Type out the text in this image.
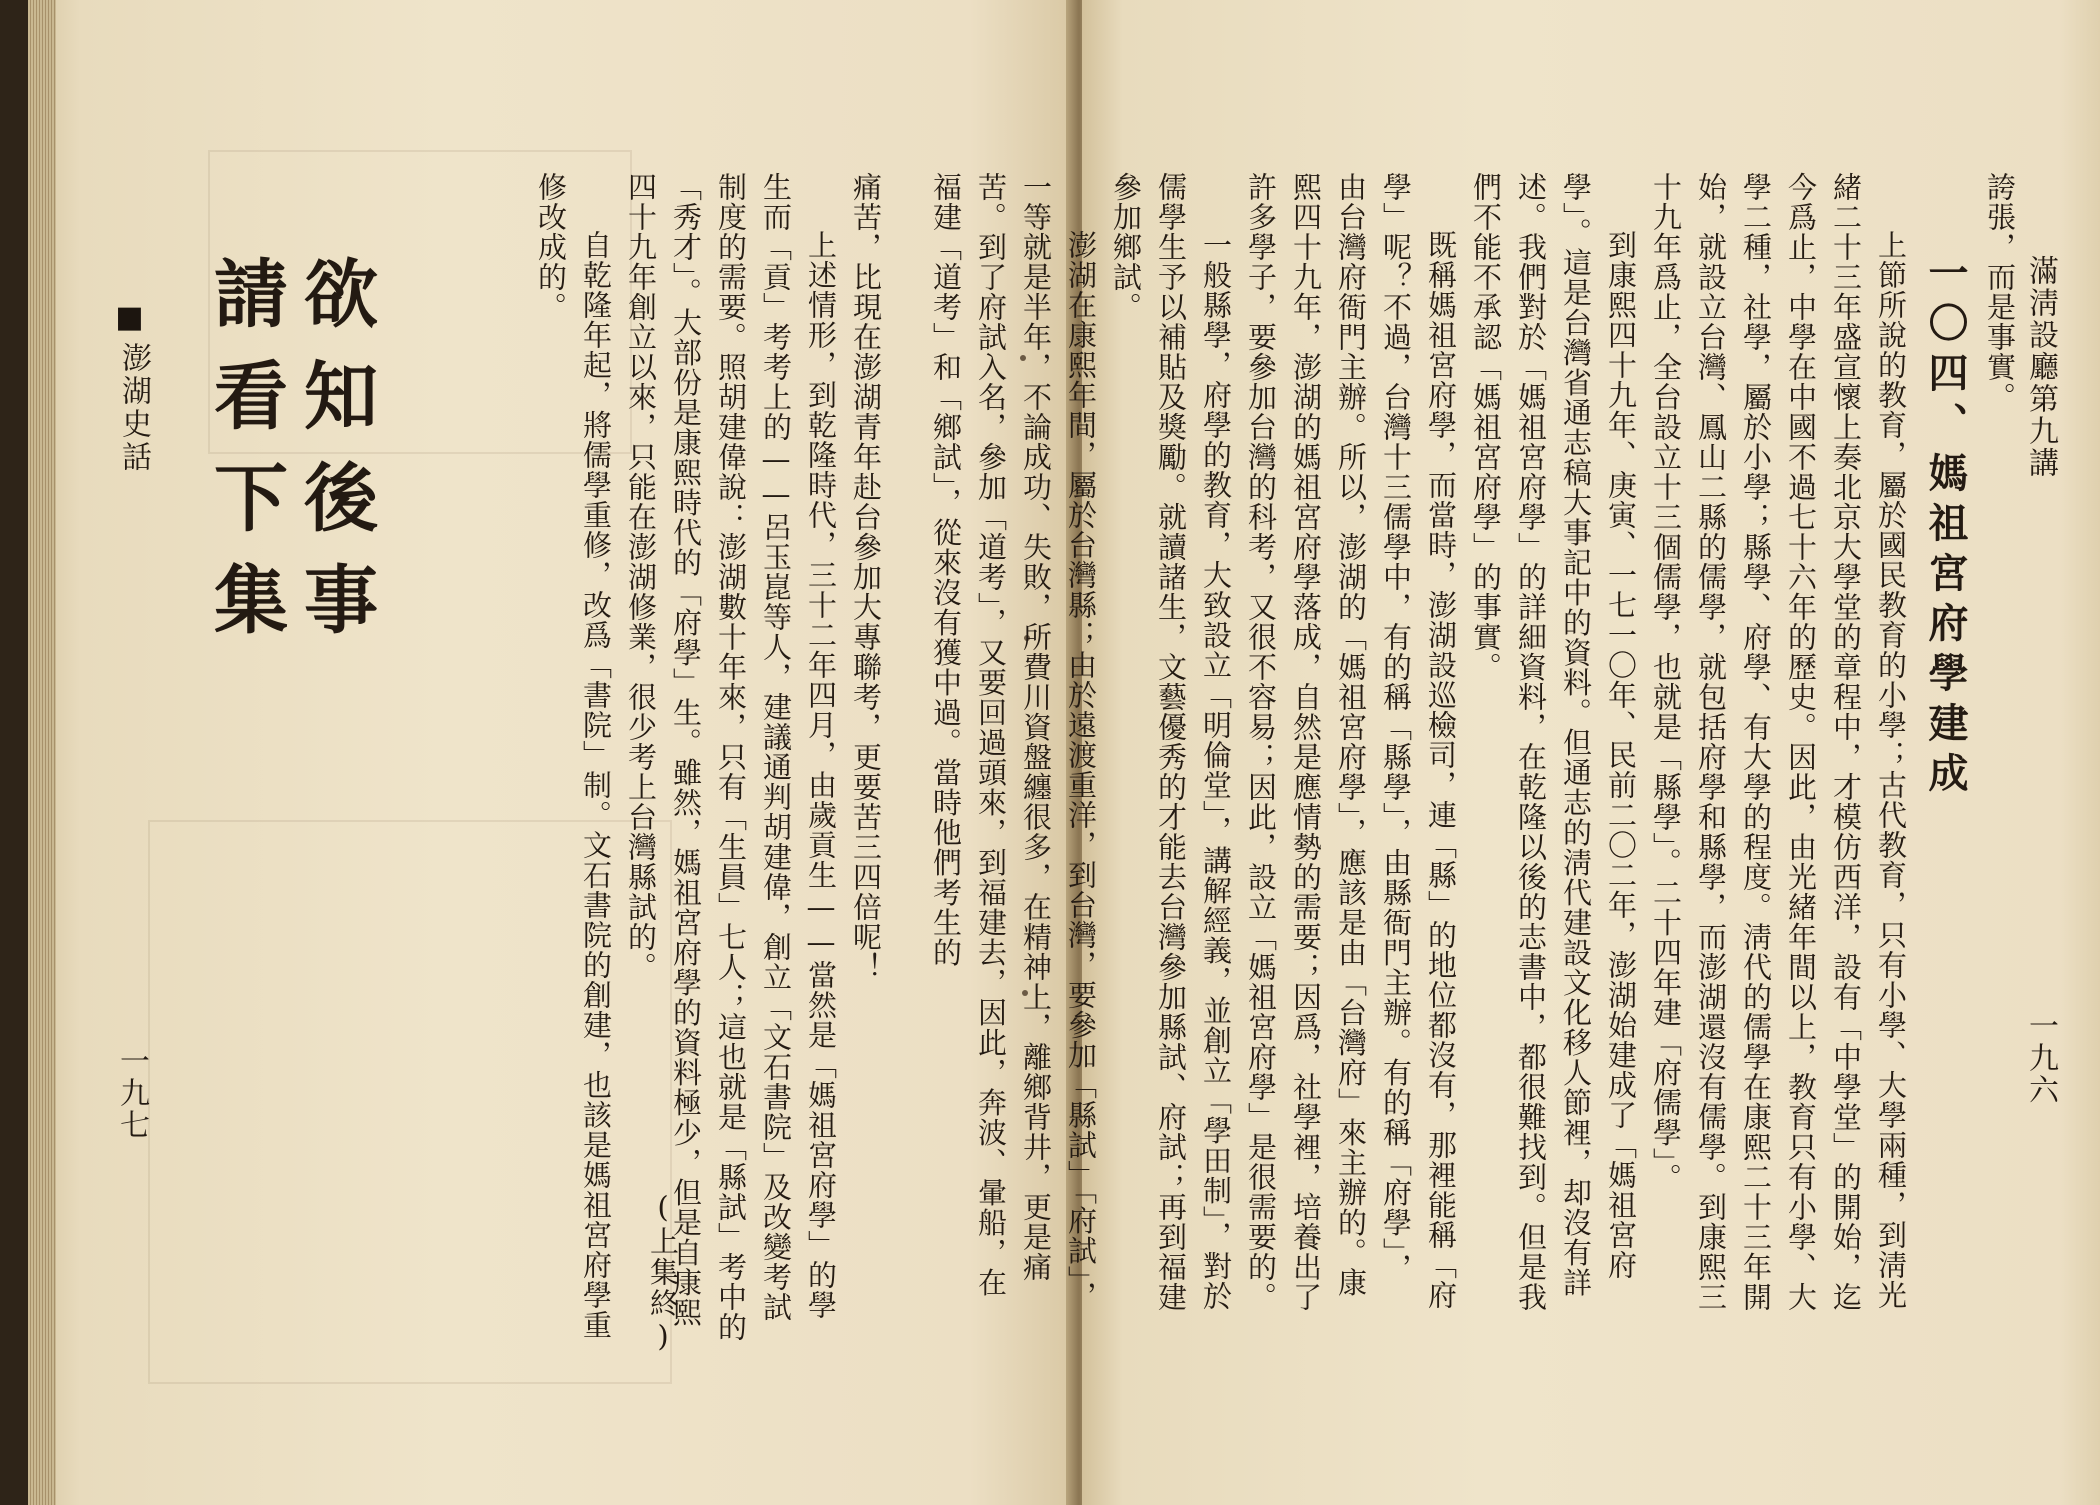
■
澎湖史話 欲知後事
請看下集
一九七

痛苦，比現在澎湖青年赴台參加大專聯考，更要苦三四倍呢！

上述情形，到乾隆時代，三十二年四月，由歲貢生——當然是「媽祖宮府學」的學生而「貢」考考上的——呂玉崑等人，建議通判胡建偉，創立「文石書院」及改變考試制度的需要。照胡建偉說：澎湖數十年來，只有「生員」七人；這也就是「縣試」考中的「秀才」。大部份是康熙時代的「府學」生。雖然，媽祖宮府學的資料極少，但是自康熙四十九年創立以來，只能在澎湖修業，很少考上台灣縣試的。

自乾隆年起，將儒學重修，改爲「書院」制。文石書院的創建，也該是媽祖宮府學重修改成的。

(上集終)
滿淸設廳第九講
一九六

誇張，而是事實。

一〇四、媽祖宮府學建成

上節所說的教育，屬於國民教育的小學；古代教育，只有小學、大學兩種，到淸光緒二十三年盛宣懷上奏北京大學堂的章程中，才模仿西洋，設有「中學堂」的開始，迄今爲止，中學在中國不過七十六年的歷史。因此，由光緒年間以上，教育只有小學、大學二種，社學，屬於小學；縣學、府學、有大學的程度。淸代的儒學在康熙二十三年開始，就設立台灣、鳳山二縣的儒學，就包括府學和縣學，而澎湖還沒有儒學。到康熙三十九年爲止，全台設立十三個儒學，也就是「縣學」。二十四年建「府儒學」。

到康熙四十九年、庚寅、一七一〇年、民前二〇二年，澎湖始建成了「媽祖宮府學」。這是台灣省通志稿大事記中的資料。但通志的淸代建設文化移人節裡，却沒有詳述。我們對於「媽祖宮府學」的詳細資料，在乾隆以後的志書中，都很難找到。但是我們不能不承認「媽祖宮府學」的事實。

既稱媽祖宮府學，而當時，澎湖設巡檢司，連「縣」的地位都沒有，那裡能稱「府學」呢？不過，台灣十三儒學中，有的稱「縣學」，由縣衙門主辦。有的稱「府學」，由台灣府衙門主辦。所以，澎湖的「媽祖宮府學」，應該是由「台灣府」來主辦的。康熙四十九年，澎湖的媽祖宮府學落成，自然是應情勢的需要；因爲，社學裡，培養出了許多學子，要參加台灣的科考，又很不容易；因此，設立「媽祖宮府學」是很需要的。

一般縣學，府學的教育，大致設立「明倫堂」，講解經義，並創立「學田制」，對於儒學生予以補貼及獎勵。就讀諸生，文藝優秀的才能去台灣參加縣試、府試；再到福建參加鄉試。

澎湖在康熙年間，屬於台灣縣；由於遠渡重洋，到台灣，要參加「縣試」「府試」，一等就是半年，不論成功、失敗，所費川資盤纏很多，在精神上，離鄉背井，更是痛苦。到了府試入名，參加「道考」，又要回過頭來，到福建去，因此，奔波、暈船，在福建「道考」和「鄉試」，從來沒有獲中過。當時他們考生的
